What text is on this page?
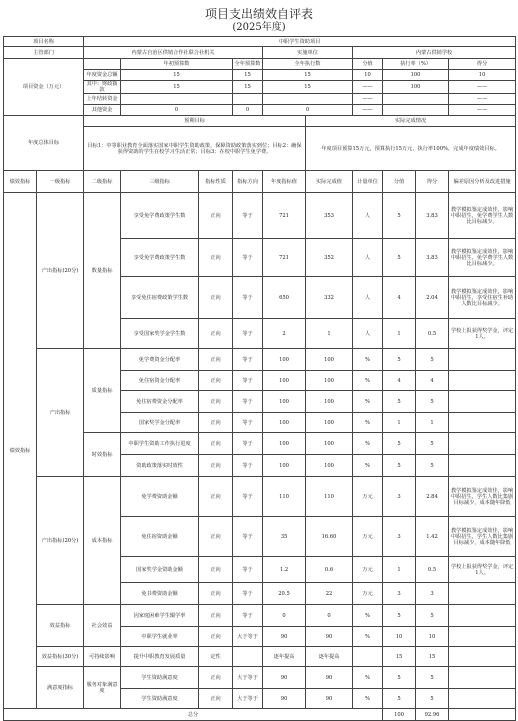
项目支出绩效自评表
(2025年度)
项目名称		中职学生资助项目									
主管部门		内蒙古自治区供销合作社联合社机关				实施单位		内蒙古供销学校			
项目资金（万元）			年初预算数		全年预算数	全年执行数		分值	执行率（%）		得分
		年度资金总额	15		15	15		10	100		10
		其中：财政拨款	15		15	15		——	100		——
		上年结转资金						——			——
		其他资金	0		0	0		——			——
年度总体目标		预期目标					实际完成情况				
		目标1：中等职业教育全面落实国家中职学生资助政策，保障资助政策落实到位；目标2：确保获得资助的学生在校学习生活正常；目标3：在校中职学生免学费。					年度项目预算15万元，预算执行15万元，执行率100%，完成年度绩效目标。				
绩效指标	一级指标	二级指标	三级指标	指标性质	指标方向	年度指标值	实际完成值	计量单位	分值	得分	偏差原因分析及改进措施
绩效指标	产出指标(20分)	数量指标	享受免学费政策学生数	正向	等于	721	353	人	5	3.83	教学模拟鉴定成效佳，影响中职招生，免学费学生人数比目标减少。
			享受免学费政策学生数	正向	等于	721	352	人	5	3.83	教学模拟鉴定成效佳，影响中职招生，免学费学生人数比目标减少。
			享受免住宿费政策学生数	正向	等于	650	332	人	4	2.04	教学模拟鉴定成效佳，影响中职招生，享受住宿生补助人数比目标减少。
			享受国家奖学金学生数	正向	等于	2	1	人	1	0.5	学校上报获得奖学金，评定1人。
	产出指标	质量指标	免学费资金分配率	正向	等于	100	100	%	5	5	
			免住宿资金分配率	正向	等于	100	100	%	4	4	
			免住宿费资金分配率	正向	等于	100	100	%	5	5	
			国家奖学金分配率	正向	等于	100	100	%	1	1	
		时效指标	中职学生资助工作执行进度	正向	等于	100	100	%	5	5	
			资助政策落实时效性	正向	等于	100	100	%	5	5	
	产出指标(20分)	成本指标	免学费资助金额	正向	等于	110	110	万元	3	2.84	教学模拟鉴定成效佳，影响中职招生，学生人数比集剧目标减少，成本随年降低
			免住宿资助金额	正向	等于	35	16.60	万元	3	1.42	教学模拟鉴定成效佳，影响中职招生，学生人数比集剧目标减少，成本随年降低
			国家奖学金资助金额	正向	等于	1.2	0.6	万元	1	0.5	学校上报获得奖学金，评定1人。
			免书费资助金额	正向	等于	20.5	22	万元	3	3	
	效益指标	社会效益	因家庭困难学生辍学率	正向	等于	0	0	%	5	5	
			中职学生就业率	正向	大于等于	90	90	%	10	10	
	效益指标(30分)	可持续影响	提升中职教育发展质量	定性		逐年提高	逐年提高		15	15	
	满意度指标	服务对象满意度	学生资助满意度	正向	大于等于	90	90	%	5	5	
			学生资助满意度	正向	大于等于	90	90	%	5	5	
总分									100	92.96	
